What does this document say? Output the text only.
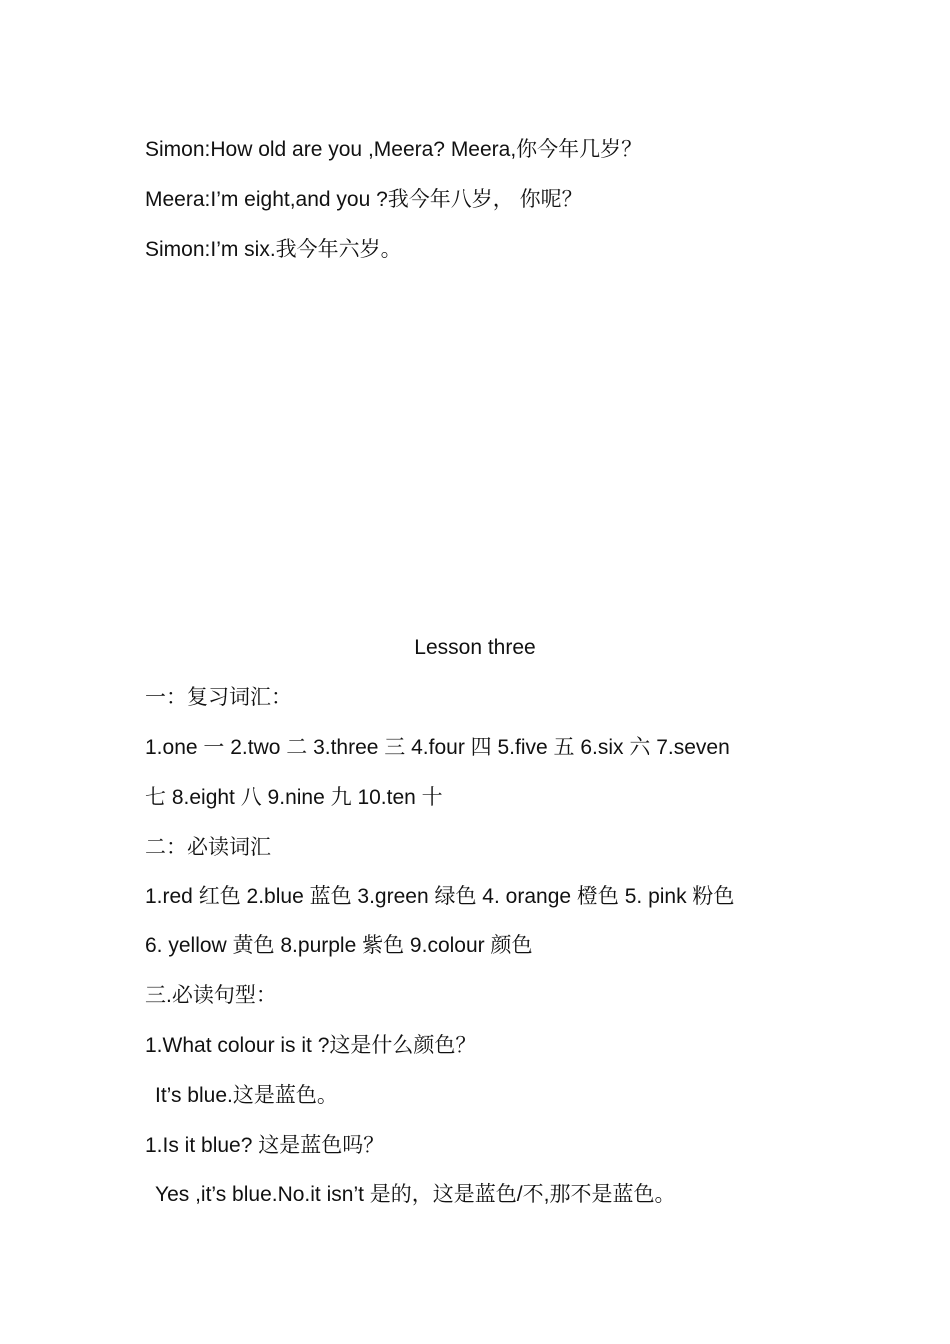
Simon:How old are you ,Meera? Meera,你今年几岁？
Meera:I’m eight,and you ?我今年八岁， 你呢？
Simon:I’m six.我今年六岁。
Lesson three
一：复习词汇：
1.one 一 2.two 二 3.three 三 4.four 四 5.five 五 6.six 六 7.seven
七 8.eight 八 9.nine 九 10.ten 十
二：必读词汇
1.red 红色 2.blue 蓝色 3.green 绿色 4. orange 橙色 5. pink 粉色
6. yellow 黄色 8.purple 紫色 9.colour 颜色
三.必读句型：
1.What colour is it ?这是什么颜色？
It’s blue.这是蓝色。
1.Is it blue? 这是蓝色吗？
Yes ,it’s blue.No.it isn’t 是的，这是蓝色/不,那不是蓝色。
